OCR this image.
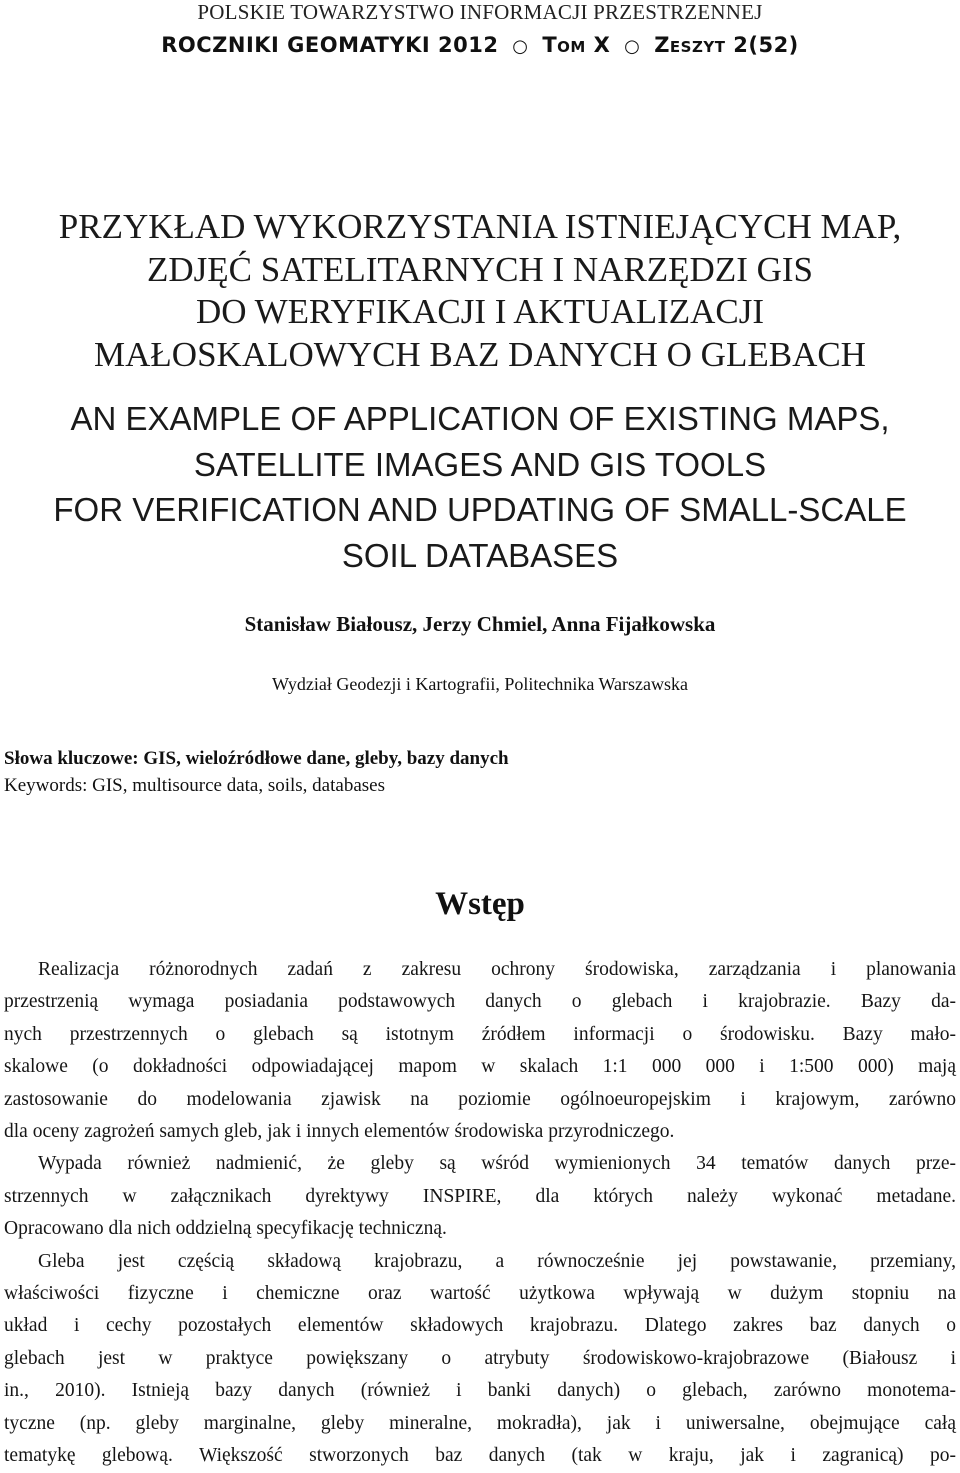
POLSKIE TOWARZYSTWO INFORMACJI PRZESTRZENNEJ
ROCZNIKI GEOMATYKI 2012 ○ Tom X ○ Zeszyt 2(52)
PRZYKŁAD WYKORZYSTANIA ISTNIEJĄCYCH MAP,
ZDJĘĆ SATELITARNYCH I NARZĘDZI GIS
DO WERYFIKACJI I AKTUALIZACJI
MAŁOSKALOWYCH BAZ DANYCH O GLEBACH
AN EXAMPLE OF APPLICATION OF EXISTING MAPS,
SATELLITE IMAGES AND GIS TOOLS
FOR VERIFICATION AND UPDATING OF SMALL-SCALE
SOIL DATABASES
Stanisław Białousz, Jerzy Chmiel, Anna Fijałkowska
Wydział Geodezji i Kartografii, Politechnika Warszawska
Słowa kluczowe: GIS, wieloźródłowe dane, gleby, bazy danych
Keywords: GIS, multisource data, soils, databases
Wstęp
Realizacja różnorodnych zadań z zakresu ochrony środowiska, zarządzania i planowania
przestrzenią wymaga posiadania podstawowych danych o glebach i krajobrazie. Bazy da-
nych przestrzennych o glebach są istotnym źródłem informacji o środowisku. Bazy mało-
skalowe (o dokładności odpowiadającej mapom w skalach 1:1 000 000 i 1:500 000) mają
zastosowanie do modelowania zjawisk na poziomie ogólnoeuropejskim i krajowym, zarówno
dla oceny zagrożeń samych gleb, jak i innych elementów środowiska przyrodniczego.
Wypada również nadmienić, że gleby są wśród wymienionych 34 tematów danych prze-
strzennych w załącznikach dyrektywy INSPIRE, dla których należy wykonać metadane.
Opracowano dla nich oddzielną specyfikację techniczną.
Gleba jest częścią składową krajobrazu, a równocześnie jej powstawanie, przemiany,
właściwości fizyczne i chemiczne oraz wartość użytkowa wpływają w dużym stopniu na
układ i cechy pozostałych elementów składowych krajobrazu. Dlatego zakres baz danych o
glebach jest w praktyce powiększany o atrybuty środowiskowo-krajobrazowe (Białousz i
in., 2010). Istnieją bazy danych (również i banki danych) o glebach, zarówno monotema-
tyczne (np. gleby marginalne, gleby mineralne, mokradła), jak i uniwersalne, obejmujące całą
tematykę glebową. Większość stworzonych baz danych (tak w kraju, jak i zagranicą) po-
